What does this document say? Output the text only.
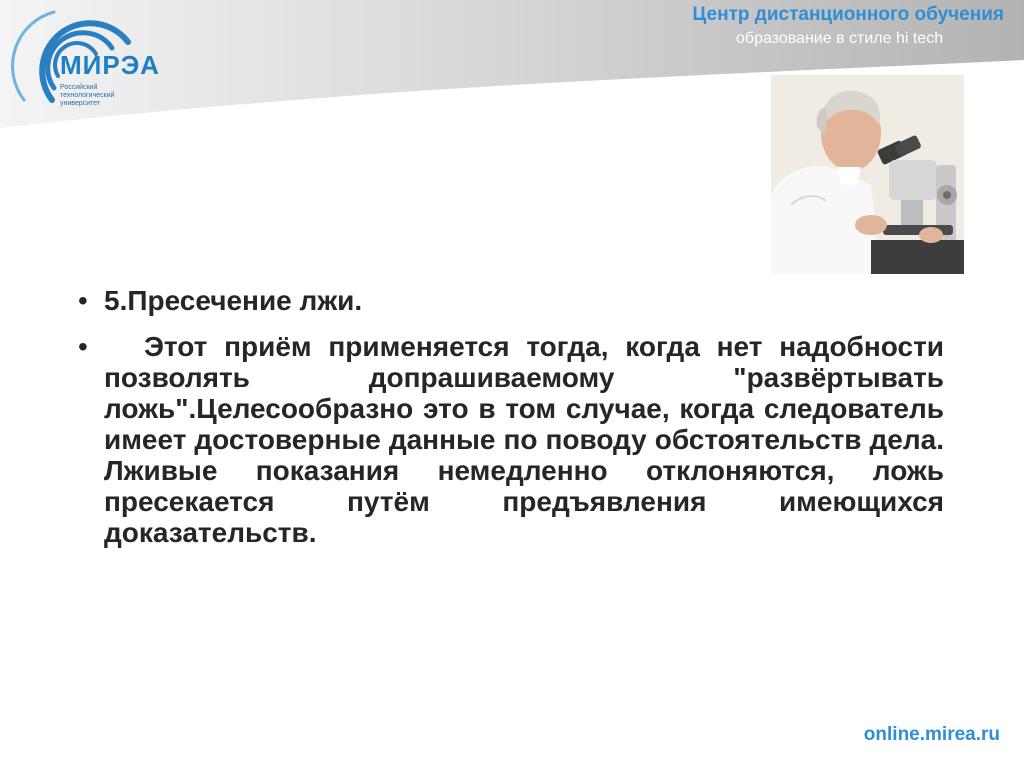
МИРЭА
Российский технологический университет
Центр дистанционного обучения
образование в стиле hi tech
• 5.Пресечение лжи.
• Этот приём применяется тогда, когда нет надобности позволять допрашиваемому "развёртывать ложь".Целесообразно это в том случае, когда следователь имеет достоверные данные по поводу обстоятельств дела. Лживые показания немедленно отклоняются, ложь пресекается путём предъявления имеющихся доказательств.
online.mirea.ru
